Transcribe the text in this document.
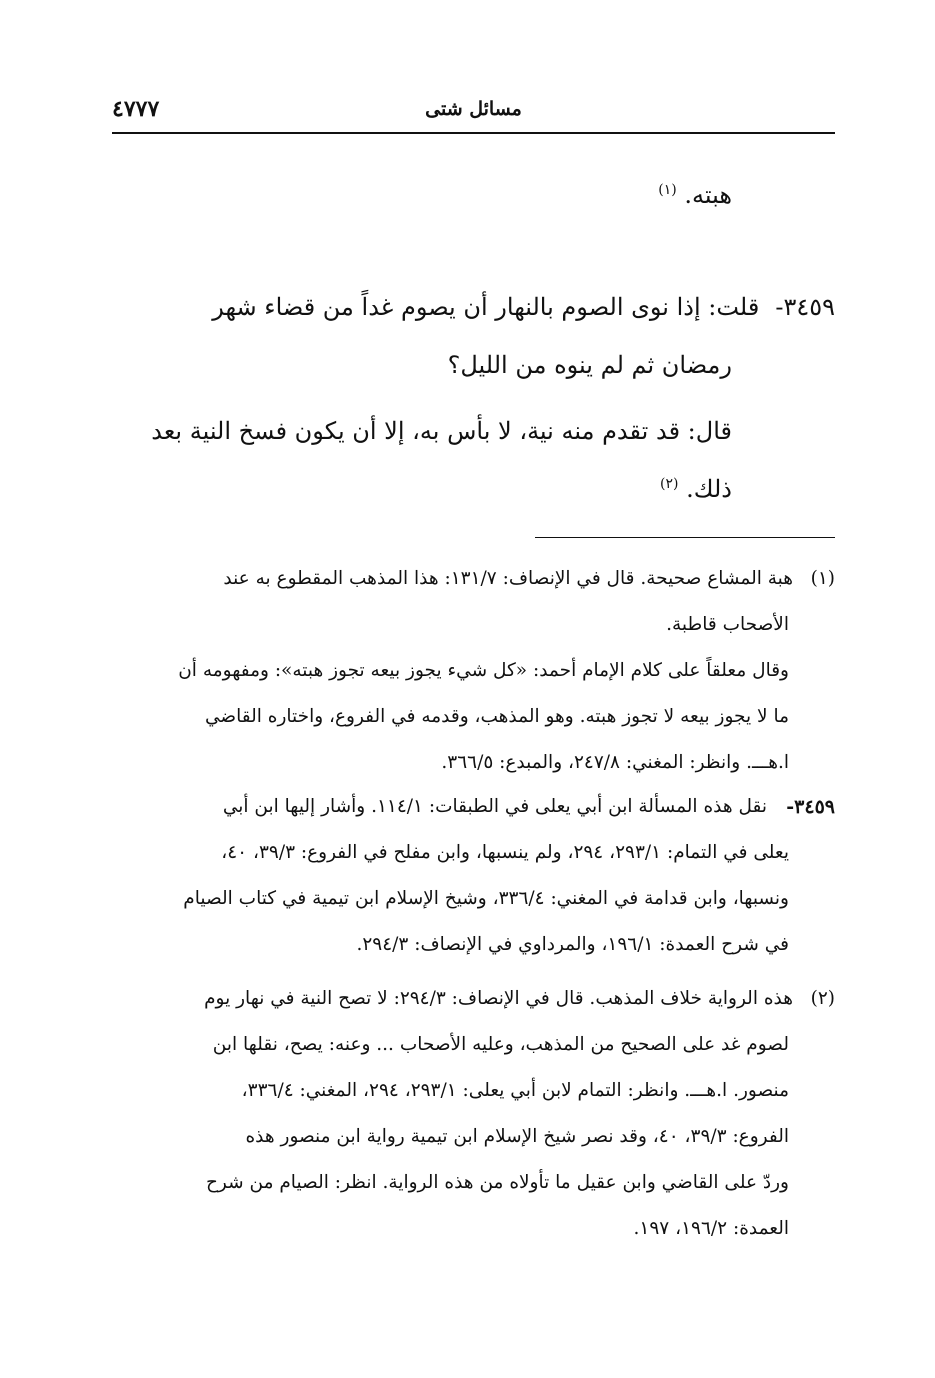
٤٧٧٧	مسائل شتى
هبته. $^{(١)}$
٣٤٥٩-قلت: إذا نوى الصوم بالنهار أن يصوم غداً من قضاء شهر
رمضان ثم لم ينوه من الليل؟
قال: قد تقدم منه نية، لا بأس به، إلا أن يكون فسخ النية بعد
ذلك. $^{(٢)}$
(١)
هبة المشاع صحيحة. قال في الإنصاف: ١٣١/٧: هذا المذهب المقطوع به عند
الأصحاب قاطبة.
وقال معلقاً على كلام الإمام أحمد: «كل شيء يجوز بيعه تجوز هبته»: ومفهومه أن
ما لا يجوز بيعه لا تجوز هبته. وهو المذهب، وقدمه في الفروع، واختاره القاضي
ا.هـــ. وانظر: المغني: ٢٤٧/٨، والمبدع: ٣٦٦/٥.
٣٤٥٩-
نقل هذه المسألة ابن أبي يعلى في الطبقات: ١١٤/١. وأشار إليها ابن أبي
يعلى في التمام: ٢٩٣/١، ٢٩٤، ولم ينسبها، وابن مفلح في الفروع: ٣٩/٣، ٤٠،
ونسبها، وابن قدامة في المغني: ٣٣٦/٤، وشيخ الإسلام ابن تيمية في كتاب الصيام
في شرح العمدة: ١٩٦/١، والمرداوي في الإنصاف: ٢٩٤/٣.
(٢)
هذه الرواية خلاف المذهب. قال في الإنصاف: ٢٩٤/٣: لا تصح النية في نهار يوم
لصوم غد على الصحيح من المذهب، وعليه الأصحاب ... وعنه: يصح، نقلها ابن
منصور. ا.هـــ. وانظر: التمام لابن أبي يعلى: ٢٩٣/١، ٢٩٤، المغني: ٣٣٦/٤،
الفروع: ٣٩/٣، ٤٠، وقد نصر شيخ الإسلام ابن تيمية رواية ابن منصور هذه
وردّ على القاضي وابن عقيل ما تأولاه من هذه الرواية. انظر: الصيام من شرح
العمدة: ١٩٦/٢، ١٩٧.
